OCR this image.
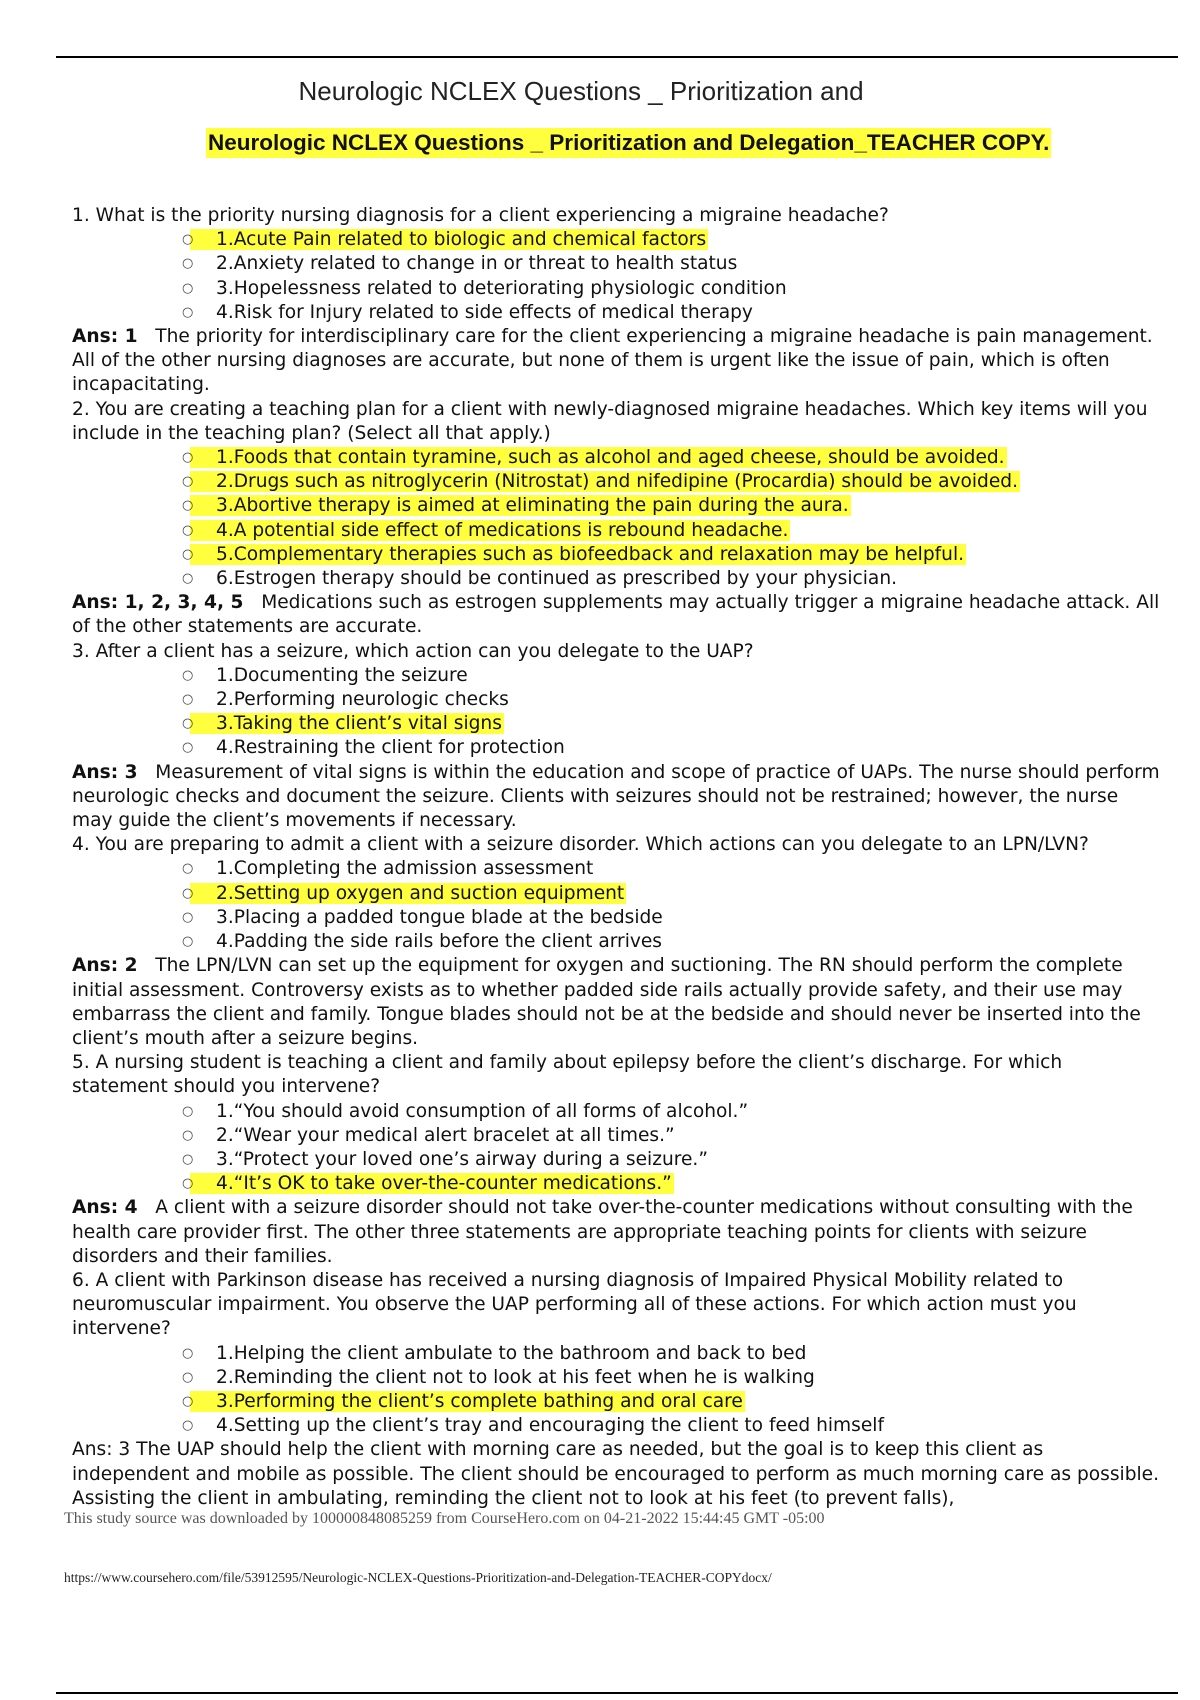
Neurologic NCLEX Questions _ Prioritization and
Neurologic NCLEX Questions _ Prioritization and Delegation_TEACHER COPY.

1. What is the priority nursing diagnosis for a client experiencing a migraine headache?

○ 1.Acute Pain related to biologic and chemical factors
○ 2.Anxiety related to change in or threat to health status
○ 3.Hopelessness related to deteriorating physiologic condition
○ 4.Risk for Injury related to side effects of medical therapy

Ans: 1 The priority for interdisciplinary care for the client experiencing a migraine headache is pain management. All of the other nursing diagnoses are accurate, but none of them is urgent like the issue of pain, which is often incapacitating.

2. You are creating a teaching plan for a client with newly-diagnosed migraine headaches. Which key items will you include in the teaching plan? (Select all that apply.)

○ 1.Foods that contain tyramine, such as alcohol and aged cheese, should be avoided.
○ 2.Drugs such as nitroglycerin (Nitrostat) and nifedipine (Procardia) should be avoided.
○ 3.Abortive therapy is aimed at eliminating the pain during the aura.
○ 4.A potential side effect of medications is rebound headache.
○ 5.Complementary therapies such as biofeedback and relaxation may be helpful.
○ 6.Estrogen therapy should be continued as prescribed by your physician.

Ans: 1, 2, 3, 4, 5 Medications such as estrogen supplements may actually trigger a migraine headache attack. All of the other statements are accurate.

3. After a client has a seizure, which action can you delegate to the UAP?

○ 1.Documenting the seizure
○ 2.Performing neurologic checks
○ 3.Taking the client’s vital signs
○ 4.Restraining the client for protection

Ans: 3 Measurement of vital signs is within the education and scope of practice of UAPs. The nurse should perform neurologic checks and document the seizure. Clients with seizures should not be restrained; however, the nurse may guide the client’s movements if necessary.

4. You are preparing to admit a client with a seizure disorder. Which actions can you delegate to an LPN/LVN?

○ 1.Completing the admission assessment
○ 2.Setting up oxygen and suction equipment
○ 3.Placing a padded tongue blade at the bedside
○ 4.Padding the side rails before the client arrives

Ans: 2 The LPN/LVN can set up the equipment for oxygen and suctioning. The RN should perform the complete initial assessment. Controversy exists as to whether padded side rails actually provide safety, and their use may embarrass the client and family. Tongue blades should not be at the bedside and should never be inserted into the client’s mouth after a seizure begins.

5. A nursing student is teaching a client and family about epilepsy before the client’s discharge. For which statement should you intervene?

○ 1.“You should avoid consumption of all forms of alcohol.”
○ 2.“Wear your medical alert bracelet at all times.”
○ 3.“Protect your loved one’s airway during a seizure.”
○ 4.“It’s OK to take over-the-counter medications.”

Ans: 4 A client with a seizure disorder should not take over-the-counter medications without consulting with the health care provider first. The other three statements are appropriate teaching points for clients with seizure disorders and their families.

6. A client with Parkinson disease has received a nursing diagnosis of Impaired Physical Mobility related to neuromuscular impairment. You observe the UAP performing all of these actions. For which action must you intervene?

○ 1.Helping the client ambulate to the bathroom and back to bed
○ 2.Reminding the client not to look at his feet when he is walking
○ 3.Performing the client’s complete bathing and oral care
○ 4.Setting up the client’s tray and encouraging the client to feed himself

Ans: 3 The UAP should help the client with morning care as needed, but the goal is to keep this client as independent and mobile as possible. The client should be encouraged to perform as much morning care as possible. Assisting the client in ambulating, reminding the client not to look at his feet (to prevent falls),

This study source was downloaded by 100000848085259 from CourseHero.com on 04-21-2022 15:44:45 GMT -05:00
https://www.coursehero.com/file/53912595/Neurologic-NCLEX-Questions-Prioritization-and-Delegation-TEACHER-COPYdocx/
